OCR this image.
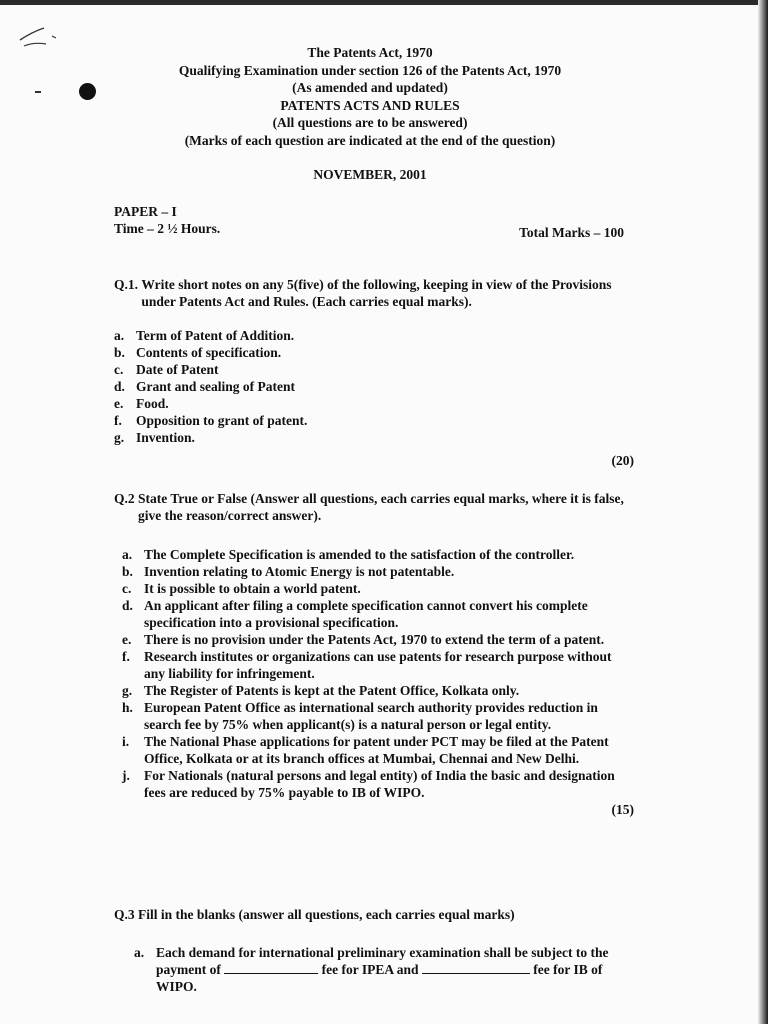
The Patents Act, 1970
Qualifying Examination under section 126 of the Patents Act, 1970
(As amended and updated)
PATENTS ACTS AND RULES
(All questions are to be answered)
(Marks of each question are indicated at the end of the question)
NOVEMBER, 2001
PAPER – I
Time – 2 ½ Hours.	Total Marks – 100
Q.1. Write short notes on any 5(five) of the following, keeping in view of the Provisions under Patents Act and Rules. (Each carries equal marks).
a. Term of Patent of Addition.
b. Contents of specification.
c. Date of Patent
d. Grant and sealing of Patent
e. Food.
f.	Opposition to grant of patent.
g. Invention.
(20)
Q.2 State True or False (Answer all questions, each carries equal marks, where it is false, give the reason/correct answer).
a. The Complete Specification is amended to the satisfaction of the controller.
b. Invention relating to Atomic Energy is not patentable.
c. It is possible to obtain a world patent.
d. An applicant after filing a complete specification cannot convert his complete specification into a provisional specification.
e. There is no provision under the Patents Act, 1970 to extend the term of a patent.
f.	Research institutes or organizations can use patents for research purpose without any liability for infringement.
g. The Register of Patents is kept at the Patent Office, Kolkata only.
h. European Patent Office as international search authority provides reduction in search fee by 75% when applicant(s) is a natural person or legal entity.
i.	The National Phase applications for patent under PCT may be filed at the Patent Office, Kolkata or at its branch offices at Mumbai, Chennai and New Delhi.
j.	For Nationals (natural persons and legal entity) of India the basic and designation fees are reduced by 75% payable to IB of WIPO.
(15)
Q.3 Fill in the blanks (answer all questions, each carries equal marks)
a. Each demand for international preliminary examination shall be subject to the payment of	fee for IPEA and	fee for IB of WIPO.
